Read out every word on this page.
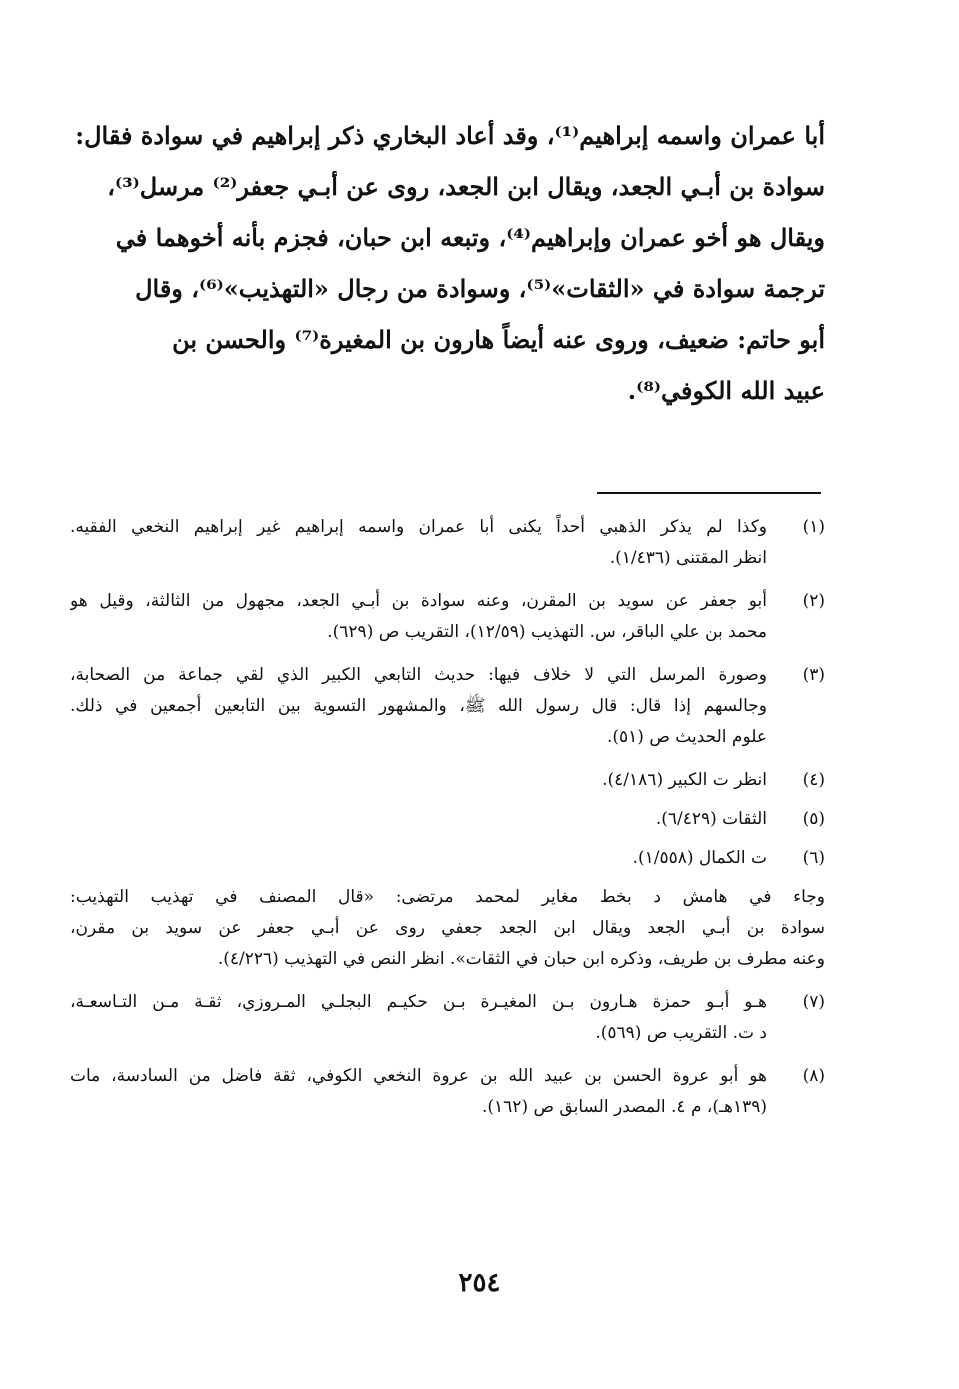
أبا عمران واسمه إبراهيم⁽¹⁾، وقد أعاد البخاري ذكر إبراهيم في سوادة فقال:

سوادة بن أبـي الجعد، ويقال ابن الجعد، روى عن أبـي جعفر⁽²⁾ مرسل⁽³⁾،

ويقال هو أخو عمران وإبراهيم⁽⁴⁾، وتبعه ابن حبان، فجزم بأنه أخوهما في

ترجمة سوادة في «الثقات»⁽⁵⁾، وسوادة من رجال «التهذيب»⁽⁶⁾، وقال

أبو حاتم: ضعيف، وروى عنه أيضاً هارون بن المغيرة⁽⁷⁾ والحسن بن

عبيد الله الكوفي⁽⁸⁾.

(١)
وكذا لم يذكر الذهبي أحداً يكنى أبا عمران واسمه إبراهيم غير إبراهيم النخعي الفقيه.
انظر المقتنى (١/٤٣٦).
(٢)
أبو جعفر عن سويد بن المقرن، وعنه سوادة بن أبـي الجعد، مجهول من الثالثة، وقيل هو
محمد بن علي الباقر، س. التهذيب (١٢/٥٩)، التقريب ص (٦٢٩).
(٣)
وصورة المرسل التي لا خلاف فيها: حديث التابعي الكبير الذي لقي جماعة من الصحابة،
وجالسهم إذا قال: قال رسول الله ﷺ، والمشهور التسوية بين التابعين أجمعين في ذلك.
علوم الحديث ص (٥١).
(٤)
انظر ت الكبير (٤/١٨٦).
(٥)
الثقات (٦/٤٢٩).
(٦)
ت الكمال (١/٥٥٨).
وجاء في هامش د بخط مغاير لمحمد مرتضى: «قال المصنف في تهذيب التهذيب:
سوادة بن أبـي الجعد ويقال ابن الجعد جعفي روى عن أبـي جعفر عن سويد بن مقرن،
وعنه مطرف بن طريف، وذكره ابن حبان في الثقات». انظر النص في التهذيب (٤/٢٢٦).
(٧)
هـو أبـو حمزة هـارون بـن المغيـرة بـن حكيـم البجلـي المـروزي، ثقـة مـن التـاسعـة،
د ت. التقريب ص (٥٦٩).
(٨)
هو أبو عروة الحسن بن عبيد الله بن عروة النخعي الكوفي، ثقة فاضل من السادسة، مات
(١٣٩هـ)، م ٤. المصدر السابق ص (١٦٢).
٢٥٤
